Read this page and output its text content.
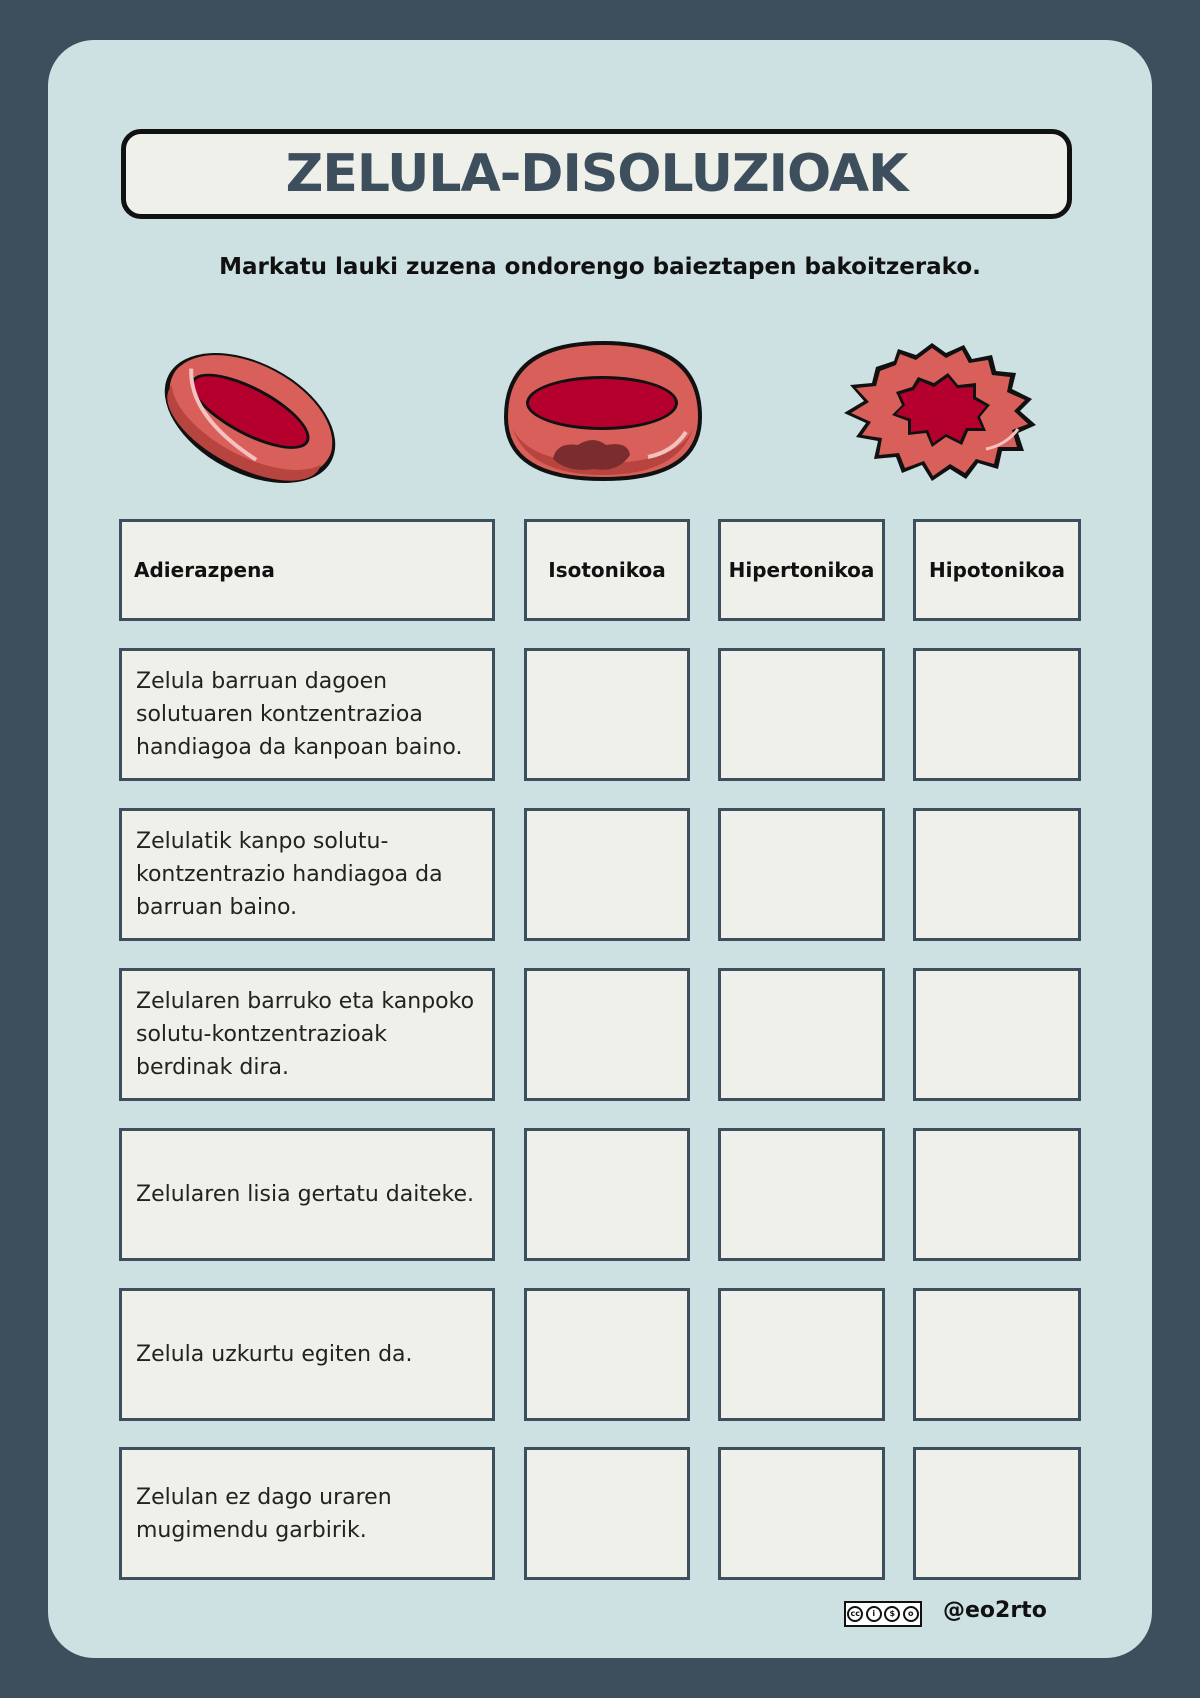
ZELULA-DISOLUZIOAK
Markatu lauki zuzena ondorengo baieztapen bakoitzerako.
Adierazpena	Isotonikoa	Hipertonikoa	Hipotonikoa
Zelula barruan dagoen solutuaren kontzentrazioa handiagoa da kanpoan baino.
Zelulatik kanpo solutu-kontzentrazio handiagoa da barruan baino.
Zelularen barruko eta kanpoko solutu-kontzentrazioak berdinak dira.
Zelularen lisia gertatu daiteke.
Zelula uzkurtu egiten da.
Zelulan ez dago uraren mugimendu garbirik.
cc	i	$	o @eo2rto
